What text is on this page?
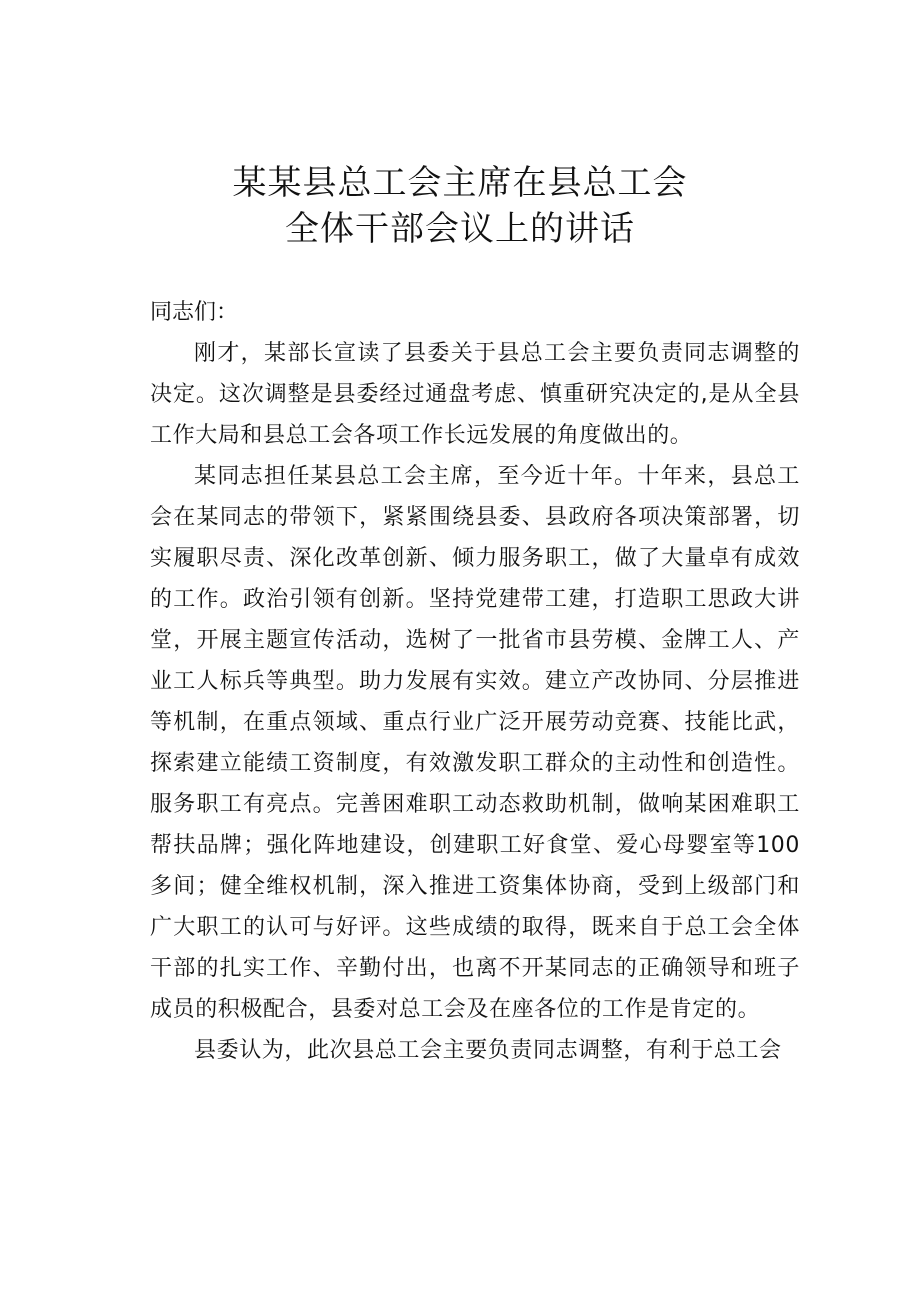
某某县总工会主席在县总工会
全体干部会议上的讲话

同志们：

刚才，某部长宣读了县委关于县总工会主要负责同志调整的决定。这次调整是县委经过通盘考虑、慎重研究决定的,是从全县工作大局和县总工会各项工作长远发展的角度做出的。

某同志担任某县总工会主席，至今近十年。十年来，县总工会在某同志的带领下，紧紧围绕县委、县政府各项决策部署，切实履职尽责、深化改革创新、倾力服务职工，做了大量卓有成效的工作。政治引领有创新。坚持党建带工建，打造职工思政大讲堂，开展主题宣传活动，选树了一批省市县劳模、金牌工人、产业工人标兵等典型。助力发展有实效。建立产改协同、分层推进等机制，在重点领域、重点行业广泛开展劳动竞赛、技能比武，探索建立能绩工资制度，有效激发职工群众的主动性和创造性。服务职工有亮点。完善困难职工动态救助机制，做响某困难职工帮扶品牌；强化阵地建设，创建职工好食堂、爱心母婴室等100多间；健全维权机制，深入推进工资集体协商，受到上级部门和广大职工的认可与好评。这些成绩的取得，既来自于总工会全体干部的扎实工作、辛勤付出，也离不开某同志的正确领导和班子成员的积极配合，县委对总工会及在座各位的工作是肯定的。

县委认为，此次县总工会主要负责同志调整，有利于总工会
